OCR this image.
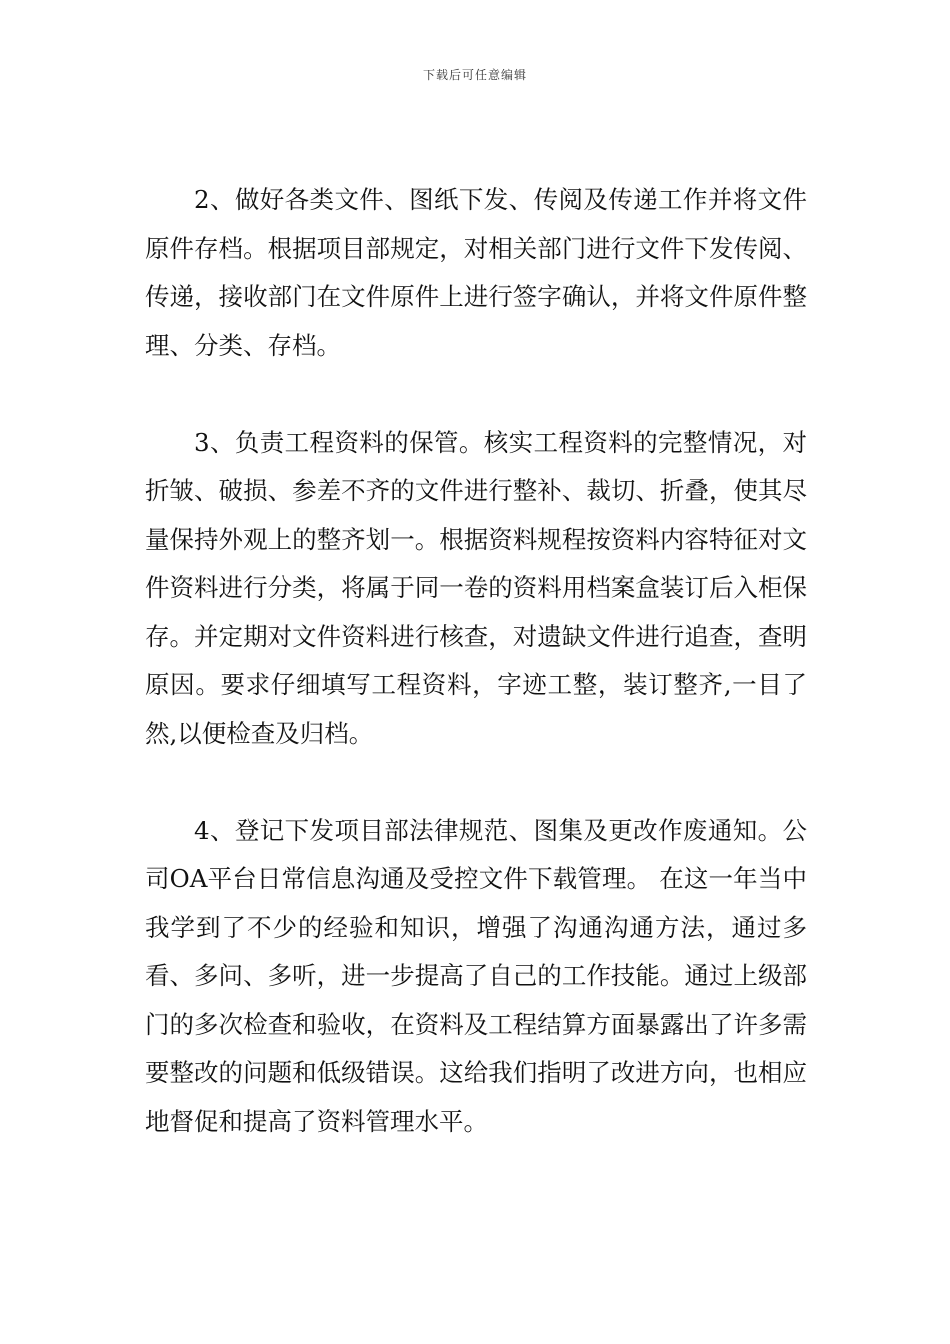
下载后可任意编辑

2、做好各类文件、图纸下发、传阅及传递工作并将文件原件存档。根据项目部规定，对相关部门进行文件下发传阅、传递，接收部门在文件原件上进行签字确认，并将文件原件整理、分类、存档。

3、负责工程资料的保管。核实工程资料的完整情况，对折皱、破损、参差不齐的文件进行整补、裁切、折叠，使其尽量保持外观上的整齐划一。根据资料规程按资料内容特征对文件资料进行分类，将属于同一卷的资料用档案盒装订后入柜保存。并定期对文件资料进行核查，对遗缺文件进行追查，查明原因。要求仔细填写工程资料，字迹工整，装订整齐,一目了然,以便检查及归档。

4、登记下发项目部法律规范、图集及更改作废通知。公司OA平台日常信息沟通及受控文件下载管理。 在这一年当中我学到了不少的经验和知识，增强了沟通沟通方法，通过多看、多问、多听，进一步提高了自己的工作技能。通过上级部门的多次检查和验收，在资料及工程结算方面暴露出了许多需要整改的问题和低级错误。这给我们指明了改进方向，也相应地督促和提高了资料管理水平。
